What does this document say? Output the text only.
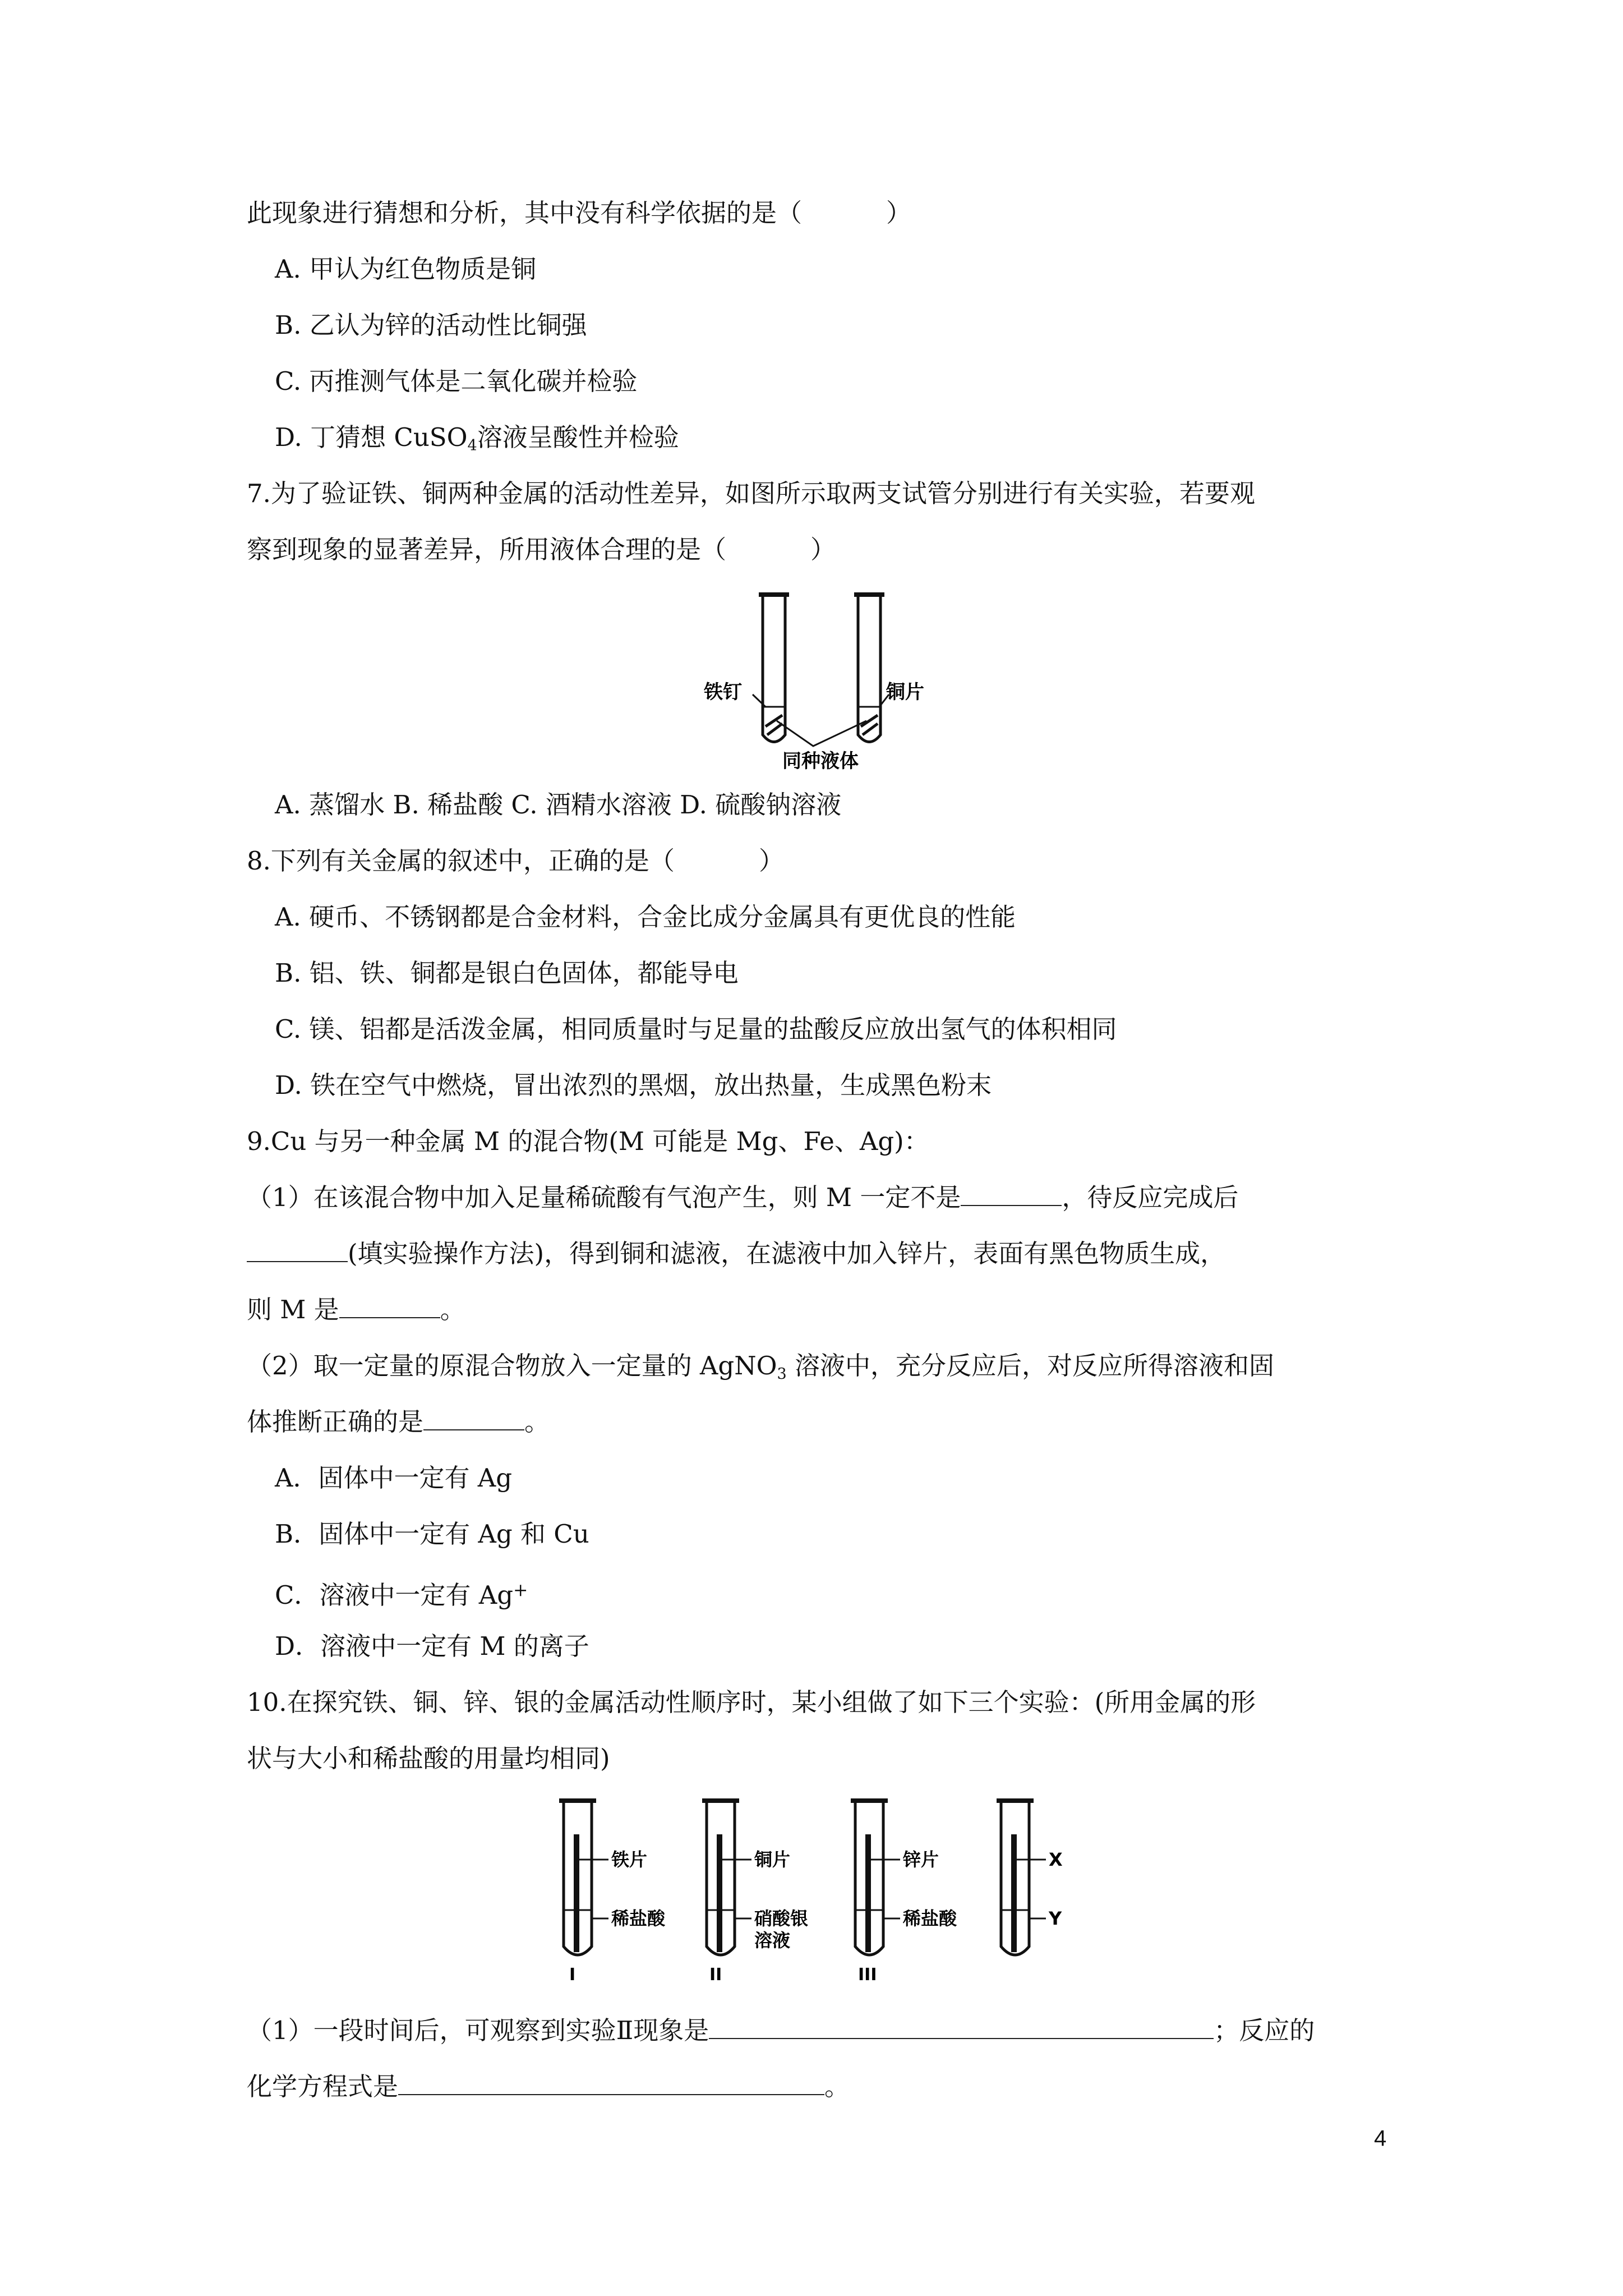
此现象进行猜想和分析，其中没有科学依据的是（	）
A. 甲认为红色物质是铜
B. 乙认为锌的活动性比铜强
C. 丙推测气体是二氧化碳并检验
D. 丁猜想 CuSO$_4$溶液呈酸性并检验
7.为了验证铁、铜两种金属的活动性差异，如图所示取两支试管分别进行有关实验，若要观
察到现象的显著差异，所用液体合理的是（	）
铁钉	铜片
同种液体
A. 蒸馏水 B. 稀盐酸 C. 酒精水溶液 D. 硫酸钠溶液
8.下列有关金属的叙述中，正确的是（	）
A. 硬币、不锈钢都是合金材料，合金比成分金属具有更优良的性能
B. 铝、铁、铜都是银白色固体，都能导电
C. 镁、铝都是活泼金属，相同质量时与足量的盐酸反应放出氢气的体积相同
D. 铁在空气中燃烧，冒出浓烈的黑烟，放出热量，生成黑色粉末
9.Cu 与另一种金属 M 的混合物(M 可能是 Mg、Fe、Ag)：
（1）在该混合物中加入足量稀硫酸有气泡产生，则 M 一定不是	，待反应完成后
(填实验操作方法)，得到铜和滤液，在滤液中加入锌片，表面有黑色物质生成，
则 M 是	。
（2）取一定量的原混合物放入一定量的 AgNO$_3$ 溶液中，充分反应后，对反应所得溶液和固
体推断正确的是	。
A．固体中一定有 Ag
B．固体中一定有 Ag 和 Cu
C．溶液中一定有 Ag+
D．溶液中一定有 M 的离子
10.在探究铁、铜、锌、银的金属活动性顺序时，某小组做了如下三个实验：(所用金属的形
状与大小和稀盐酸的用量均相同)
铁片
稀盐酸
I
铜片
硝酸银
溶液
II
锌片
稀盐酸
III
X
Y
（1）一段时间后，可观察到实验Ⅱ现象是	；反应的
化学方程式是	。
4
